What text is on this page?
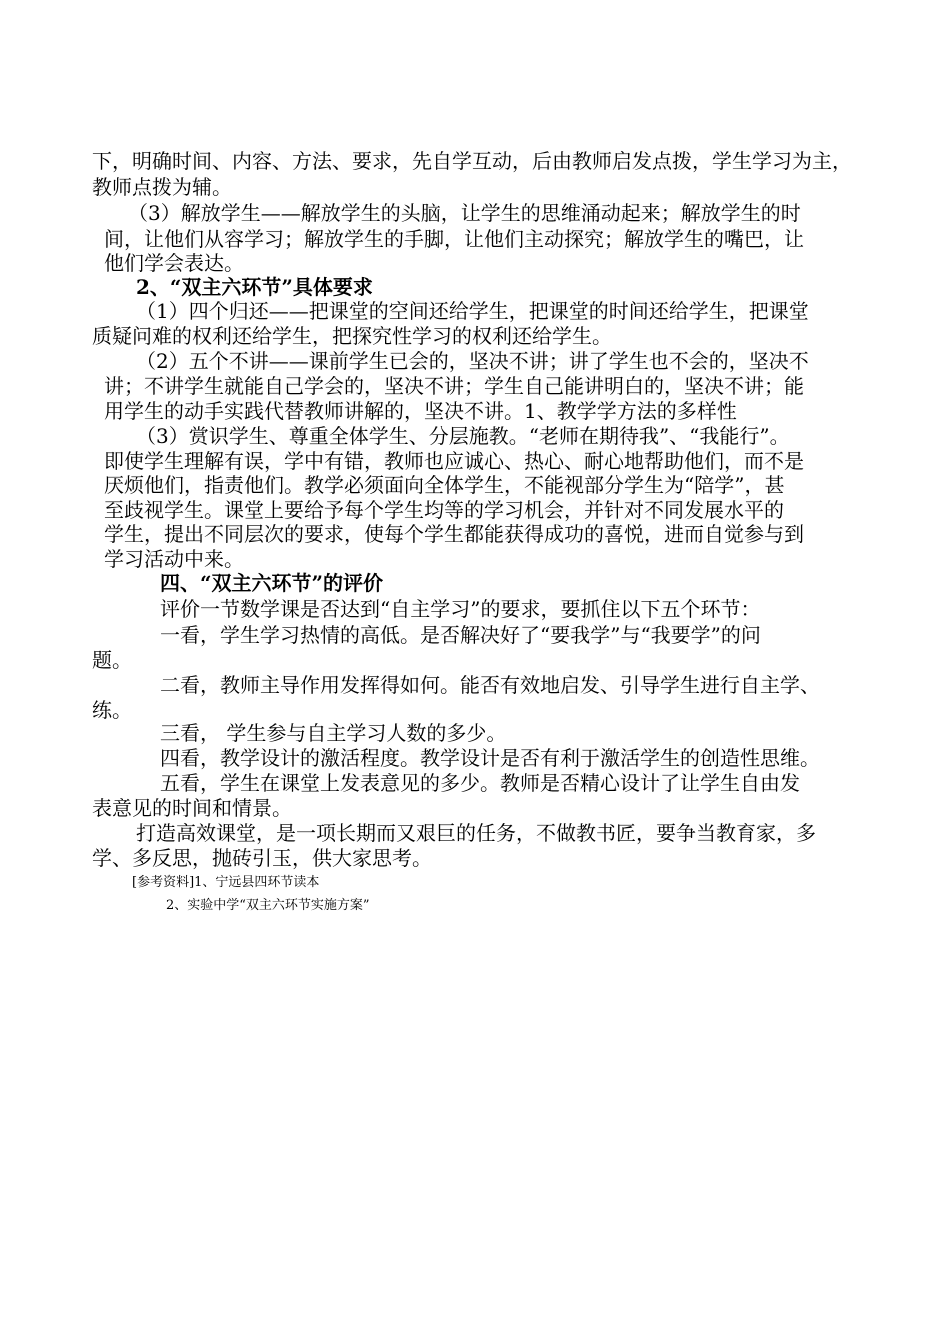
下，明确时间、内容、方法、要求，先自学互动，后由教师启发点拨，学生学习为主，
教师点拨为辅。
（3）解放学生——解放学生的头脑，让学生的思维涌动起来；解放学生的时
间，让他们从容学习；解放学生的手脚，让他们主动探究；解放学生的嘴巴，让
他们学会表达。
2、“双主六环节”具体要求
（1）四个归还——把课堂的空间还给学生，把课堂的时间还给学生，把课堂
质疑问难的权利还给学生，把探究性学习的权利还给学生。
（2）五个不讲——课前学生已会的，坚决不讲；讲了学生也不会的，坚决不
讲；不讲学生就能自己学会的，坚决不讲；学生自己能讲明白的，坚决不讲；能
用学生的动手实践代替教师讲解的，坚决不讲。1、教学学方法的多样性
（3）赏识学生、尊重全体学生、分层施教。“老师在期待我”、“我能行”。
即使学生理解有误，学中有错，教师也应诚心、热心、耐心地帮助他们，而不是
厌烦他们，指责他们。教学必须面向全体学生，不能视部分学生为“陪学”，甚
至歧视学生。课堂上要给予每个学生均等的学习机会，并针对不同发展水平的
学生，提出不同层次的要求，使每个学生都能获得成功的喜悦，进而自觉参与到
学习活动中来。
四、“双主六环节”的评价
评价一节数学课是否达到“自主学习”的要求，要抓住以下五个环节：
一看，学生学习热情的高低。是否解决好了“要我学”与“我要学”的问
题。
二看，教师主导作用发挥得如何。能否有效地启发、引导学生进行自主学、
练。
三看， 学生参与自主学习人数的多少。
四看，教学设计的激活程度。教学设计是否有利于激活学生的创造性思维。
五看，学生在课堂上发表意见的多少。教师是否精心设计了让学生自由发
表意见的时间和情景。
打造高效课堂，是一项长期而又艰巨的任务，不做教书匠，要争当教育家，多
学、多反思，抛砖引玉，供大家思考。
[参考资料]1、宁远县四环节读本
2、实验中学“双主六环节实施方案”
